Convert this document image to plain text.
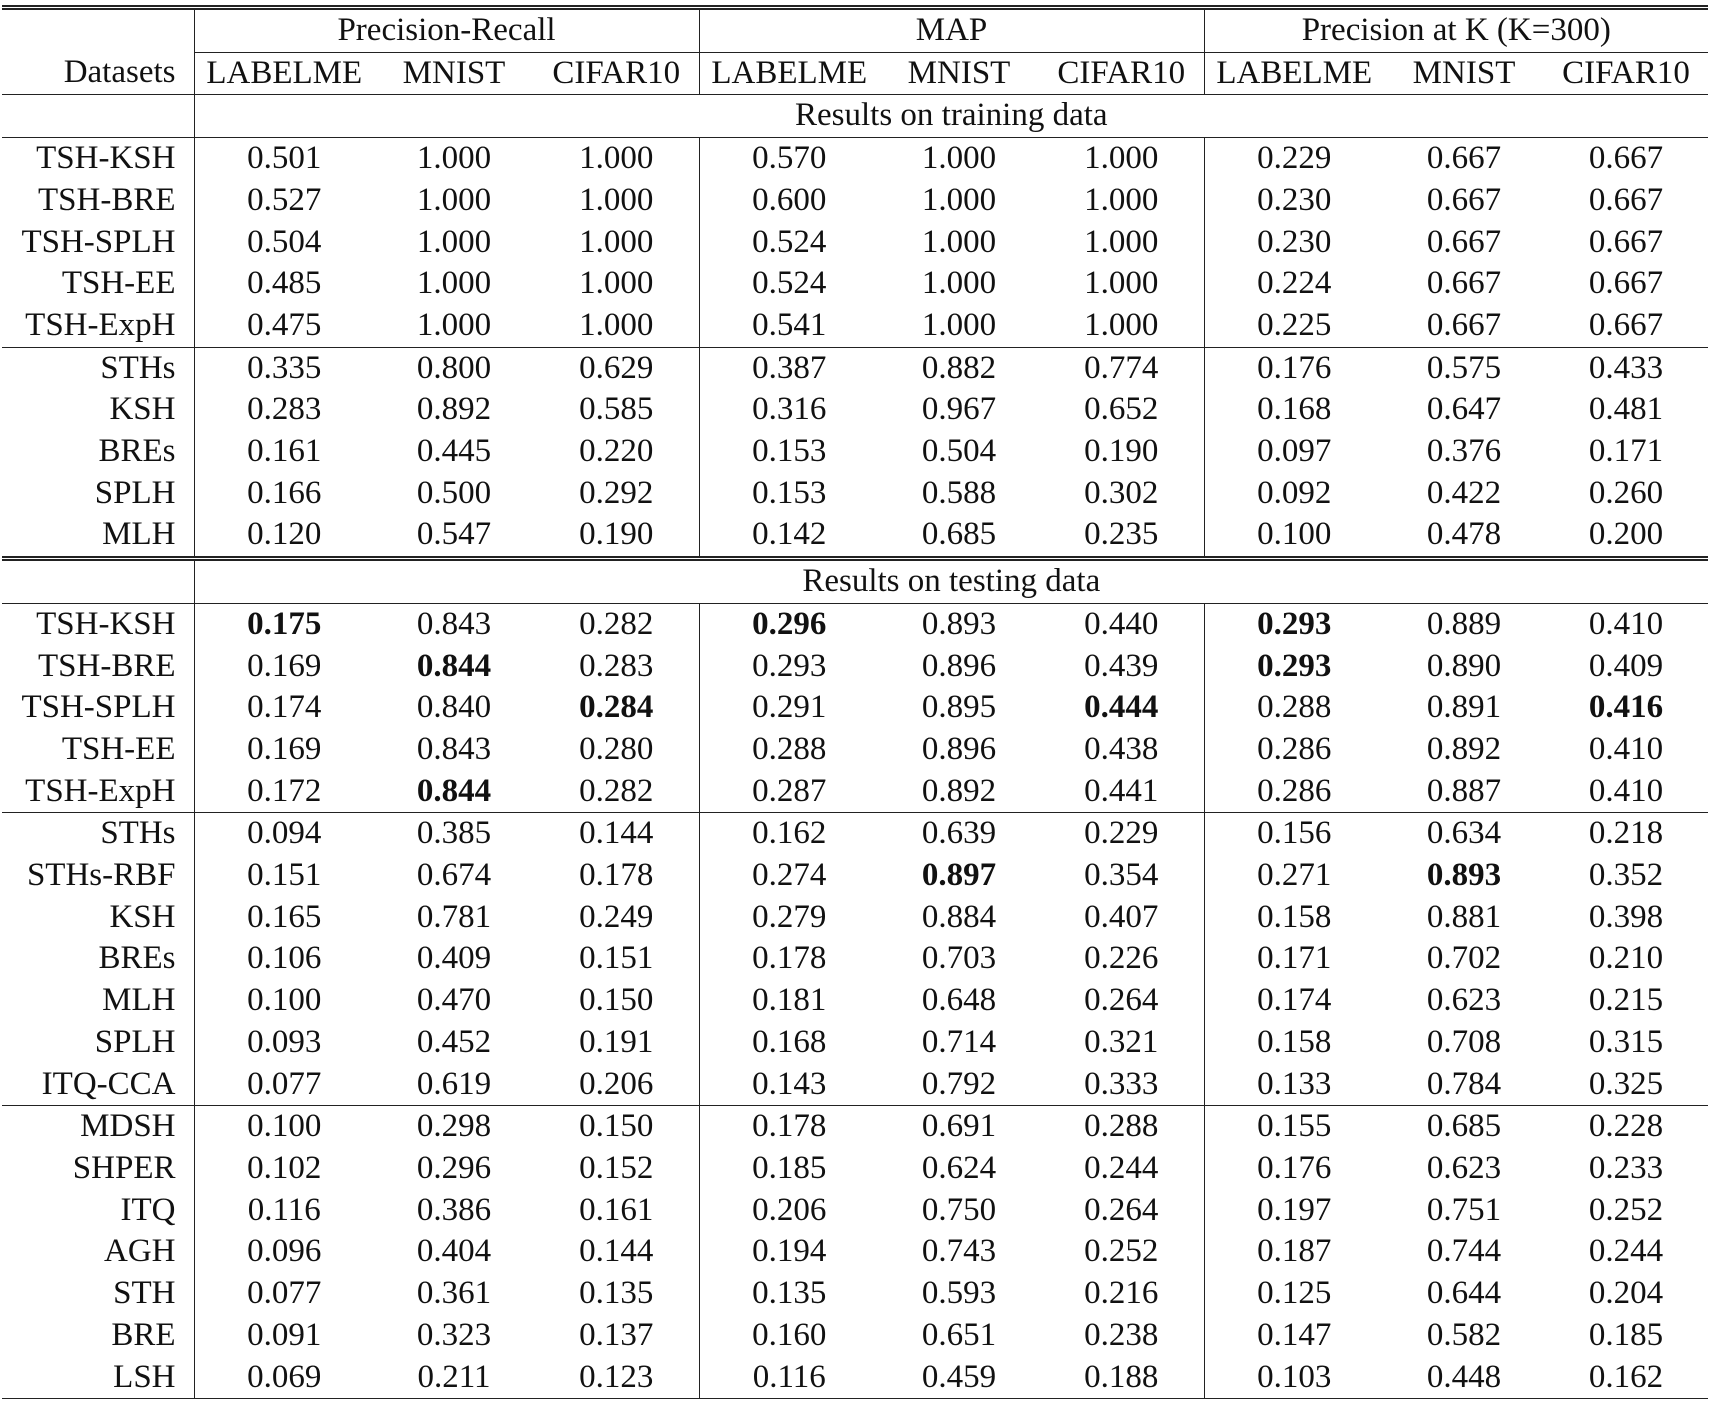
	Precision-Recall			MAP			Precision at K (K=300)		
Datasets	LABELME	MNIST	CIFAR10	LABELME	MNIST	CIFAR10	LABELME	MNIST	CIFAR10
	Results on training data								
TSH-KSH	0.501	1.000	1.000	0.570	1.000	1.000	0.229	0.667	0.667
TSH-BRE	0.527	1.000	1.000	0.600	1.000	1.000	0.230	0.667	0.667
TSH-SPLH	0.504	1.000	1.000	0.524	1.000	1.000	0.230	0.667	0.667
TSH-EE	0.485	1.000	1.000	0.524	1.000	1.000	0.224	0.667	0.667
TSH-ExpH	0.475	1.000	1.000	0.541	1.000	1.000	0.225	0.667	0.667
STHs	0.335	0.800	0.629	0.387	0.882	0.774	0.176	0.575	0.433
KSH	0.283	0.892	0.585	0.316	0.967	0.652	0.168	0.647	0.481
BREs	0.161	0.445	0.220	0.153	0.504	0.190	0.097	0.376	0.171
SPLH	0.166	0.500	0.292	0.153	0.588	0.302	0.092	0.422	0.260
MLH	0.120	0.547	0.190	0.142	0.685	0.235	0.100	0.478	0.200
	Results on testing data								
TSH-KSH	0.175	0.843	0.282	0.296	0.893	0.440	0.293	0.889	0.410
TSH-BRE	0.169	0.844	0.283	0.293	0.896	0.439	0.293	0.890	0.409
TSH-SPLH	0.174	0.840	0.284	0.291	0.895	0.444	0.288	0.891	0.416
TSH-EE	0.169	0.843	0.280	0.288	0.896	0.438	0.286	0.892	0.410
TSH-ExpH	0.172	0.844	0.282	0.287	0.892	0.441	0.286	0.887	0.410
STHs	0.094	0.385	0.144	0.162	0.639	0.229	0.156	0.634	0.218
STHs-RBF	0.151	0.674	0.178	0.274	0.897	0.354	0.271	0.893	0.352
KSH	0.165	0.781	0.249	0.279	0.884	0.407	0.158	0.881	0.398
BREs	0.106	0.409	0.151	0.178	0.703	0.226	0.171	0.702	0.210
MLH	0.100	0.470	0.150	0.181	0.648	0.264	0.174	0.623	0.215
SPLH	0.093	0.452	0.191	0.168	0.714	0.321	0.158	0.708	0.315
ITQ-CCA	0.077	0.619	0.206	0.143	0.792	0.333	0.133	0.784	0.325
MDSH	0.100	0.298	0.150	0.178	0.691	0.288	0.155	0.685	0.228
SHPER	0.102	0.296	0.152	0.185	0.624	0.244	0.176	0.623	0.233
ITQ	0.116	0.386	0.161	0.206	0.750	0.264	0.197	0.751	0.252
AGH	0.096	0.404	0.144	0.194	0.743	0.252	0.187	0.744	0.244
STH	0.077	0.361	0.135	0.135	0.593	0.216	0.125	0.644	0.204
BRE	0.091	0.323	0.137	0.160	0.651	0.238	0.147	0.582	0.185
LSH	0.069	0.211	0.123	0.116	0.459	0.188	0.103	0.448	0.162
